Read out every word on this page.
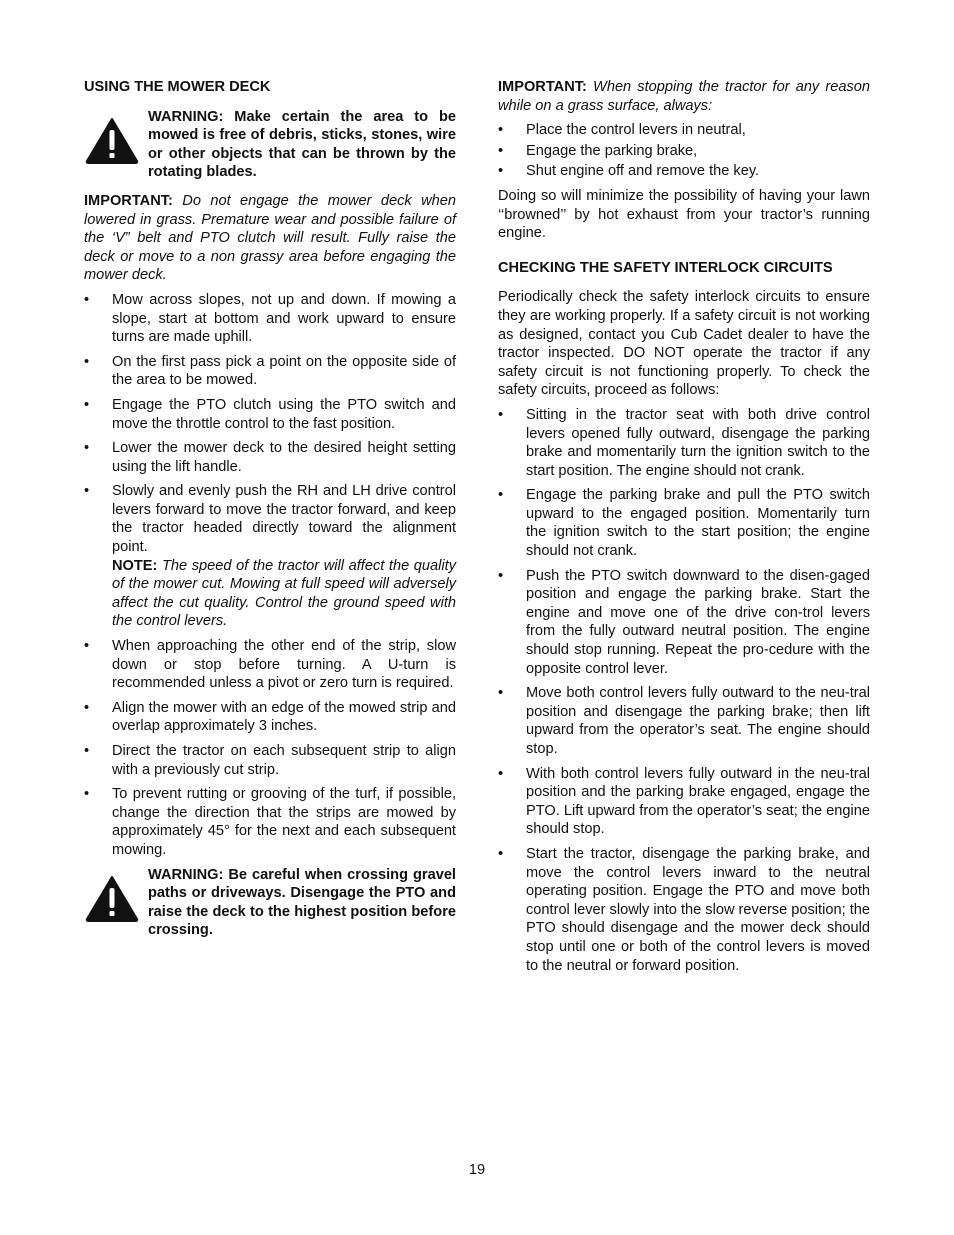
USING THE MOWER DECK
WARNING: Make certain the area to be mowed is free of debris, sticks, stones, wire or other objects that can be thrown by the rotating blades.

IMPORTANT: Do not engage the mower deck when lowered in grass. Premature wear and possible failure of the ‘V” belt and PTO clutch will result. Fully raise the deck or move to a non grassy area before engaging the mower deck.

• Mow across slopes, not up and down. If mowing a slope, start at bottom and work upward to ensure turns are made uphill.
• On the first pass pick a point on the opposite side of the area to be mowed.
• Engage the PTO clutch using the PTO switch and move the throttle control to the fast position.
• Lower the mower deck to the desired height setting using the lift handle.
• Slowly and evenly push the RH and LH drive control levers forward to move the tractor forward, and keep the tractor headed directly toward the alignment point.
NOTE: The speed of the tractor will affect the quality of the mower cut. Mowing at full speed will adversely affect the cut quality. Control the ground speed with the control levers.
• When approaching the other end of the strip, slow down or stop before turning. A U-turn is recommended unless a pivot or zero turn is required.
• Align the mower with an edge of the mowed strip and overlap approximately 3 inches.
• Direct the tractor on each subsequent strip to align with a previously cut strip.
• To prevent rutting or grooving of the turf, if possible, change the direction that the strips are mowed by approximately 45° for the next and each subsequent mowing.
WARNING: Be careful when crossing gravel paths or driveways. Disengage the PTO and raise the deck to the highest position before crossing.

IMPORTANT: When stopping the tractor for any reason while on a grass surface, always:

• Place the control levers in neutral,
• Engage the parking brake,
• Shut engine off and remove the key.

Doing so will minimize the possibility of having your lawn ‘‘browned’’ by hot exhaust from your tractor’s running engine.

CHECKING THE SAFETY INTERLOCK CIRCUITS

Periodically check the safety interlock circuits to ensure they are working properly. If a safety circuit is not working as designed, contact you Cub Cadet dealer to have the tractor inspected. DO NOT operate the tractor if any safety circuit is not functioning properly. To check the safety circuits, proceed as follows:

• Sitting in the tractor seat with both drive control levers opened fully outward, disengage the parking brake and momentarily turn the ignition switch to the start position. The engine should not crank.
• Engage the parking brake and pull the PTO switch upward to the engaged position. Momentarily turn the ignition switch to the start position; the engine should not crank.
• Push the PTO switch downward to the disen-gaged position and engage the parking brake. Start the engine and move one of the drive con-trol levers from the fully outward neutral position. The engine should stop running. Repeat the pro-cedure with the opposite control lever.
• Move both control levers fully outward to the neu-tral position and disengage the parking brake; then lift upward from the operator’s seat. The engine should stop.
• With both control levers fully outward in the neu-tral position and the parking brake engaged, engage the PTO. Lift upward from the operator’s seat; the engine should stop.
• Start the tractor, disengage the parking brake, and move the control levers inward to the neutral operating position. Engage the PTO and move both control lever slowly into the slow reverse position; the PTO should disengage and the mower deck should stop until one or both of the control levers is moved to the neutral or forward position.
19
